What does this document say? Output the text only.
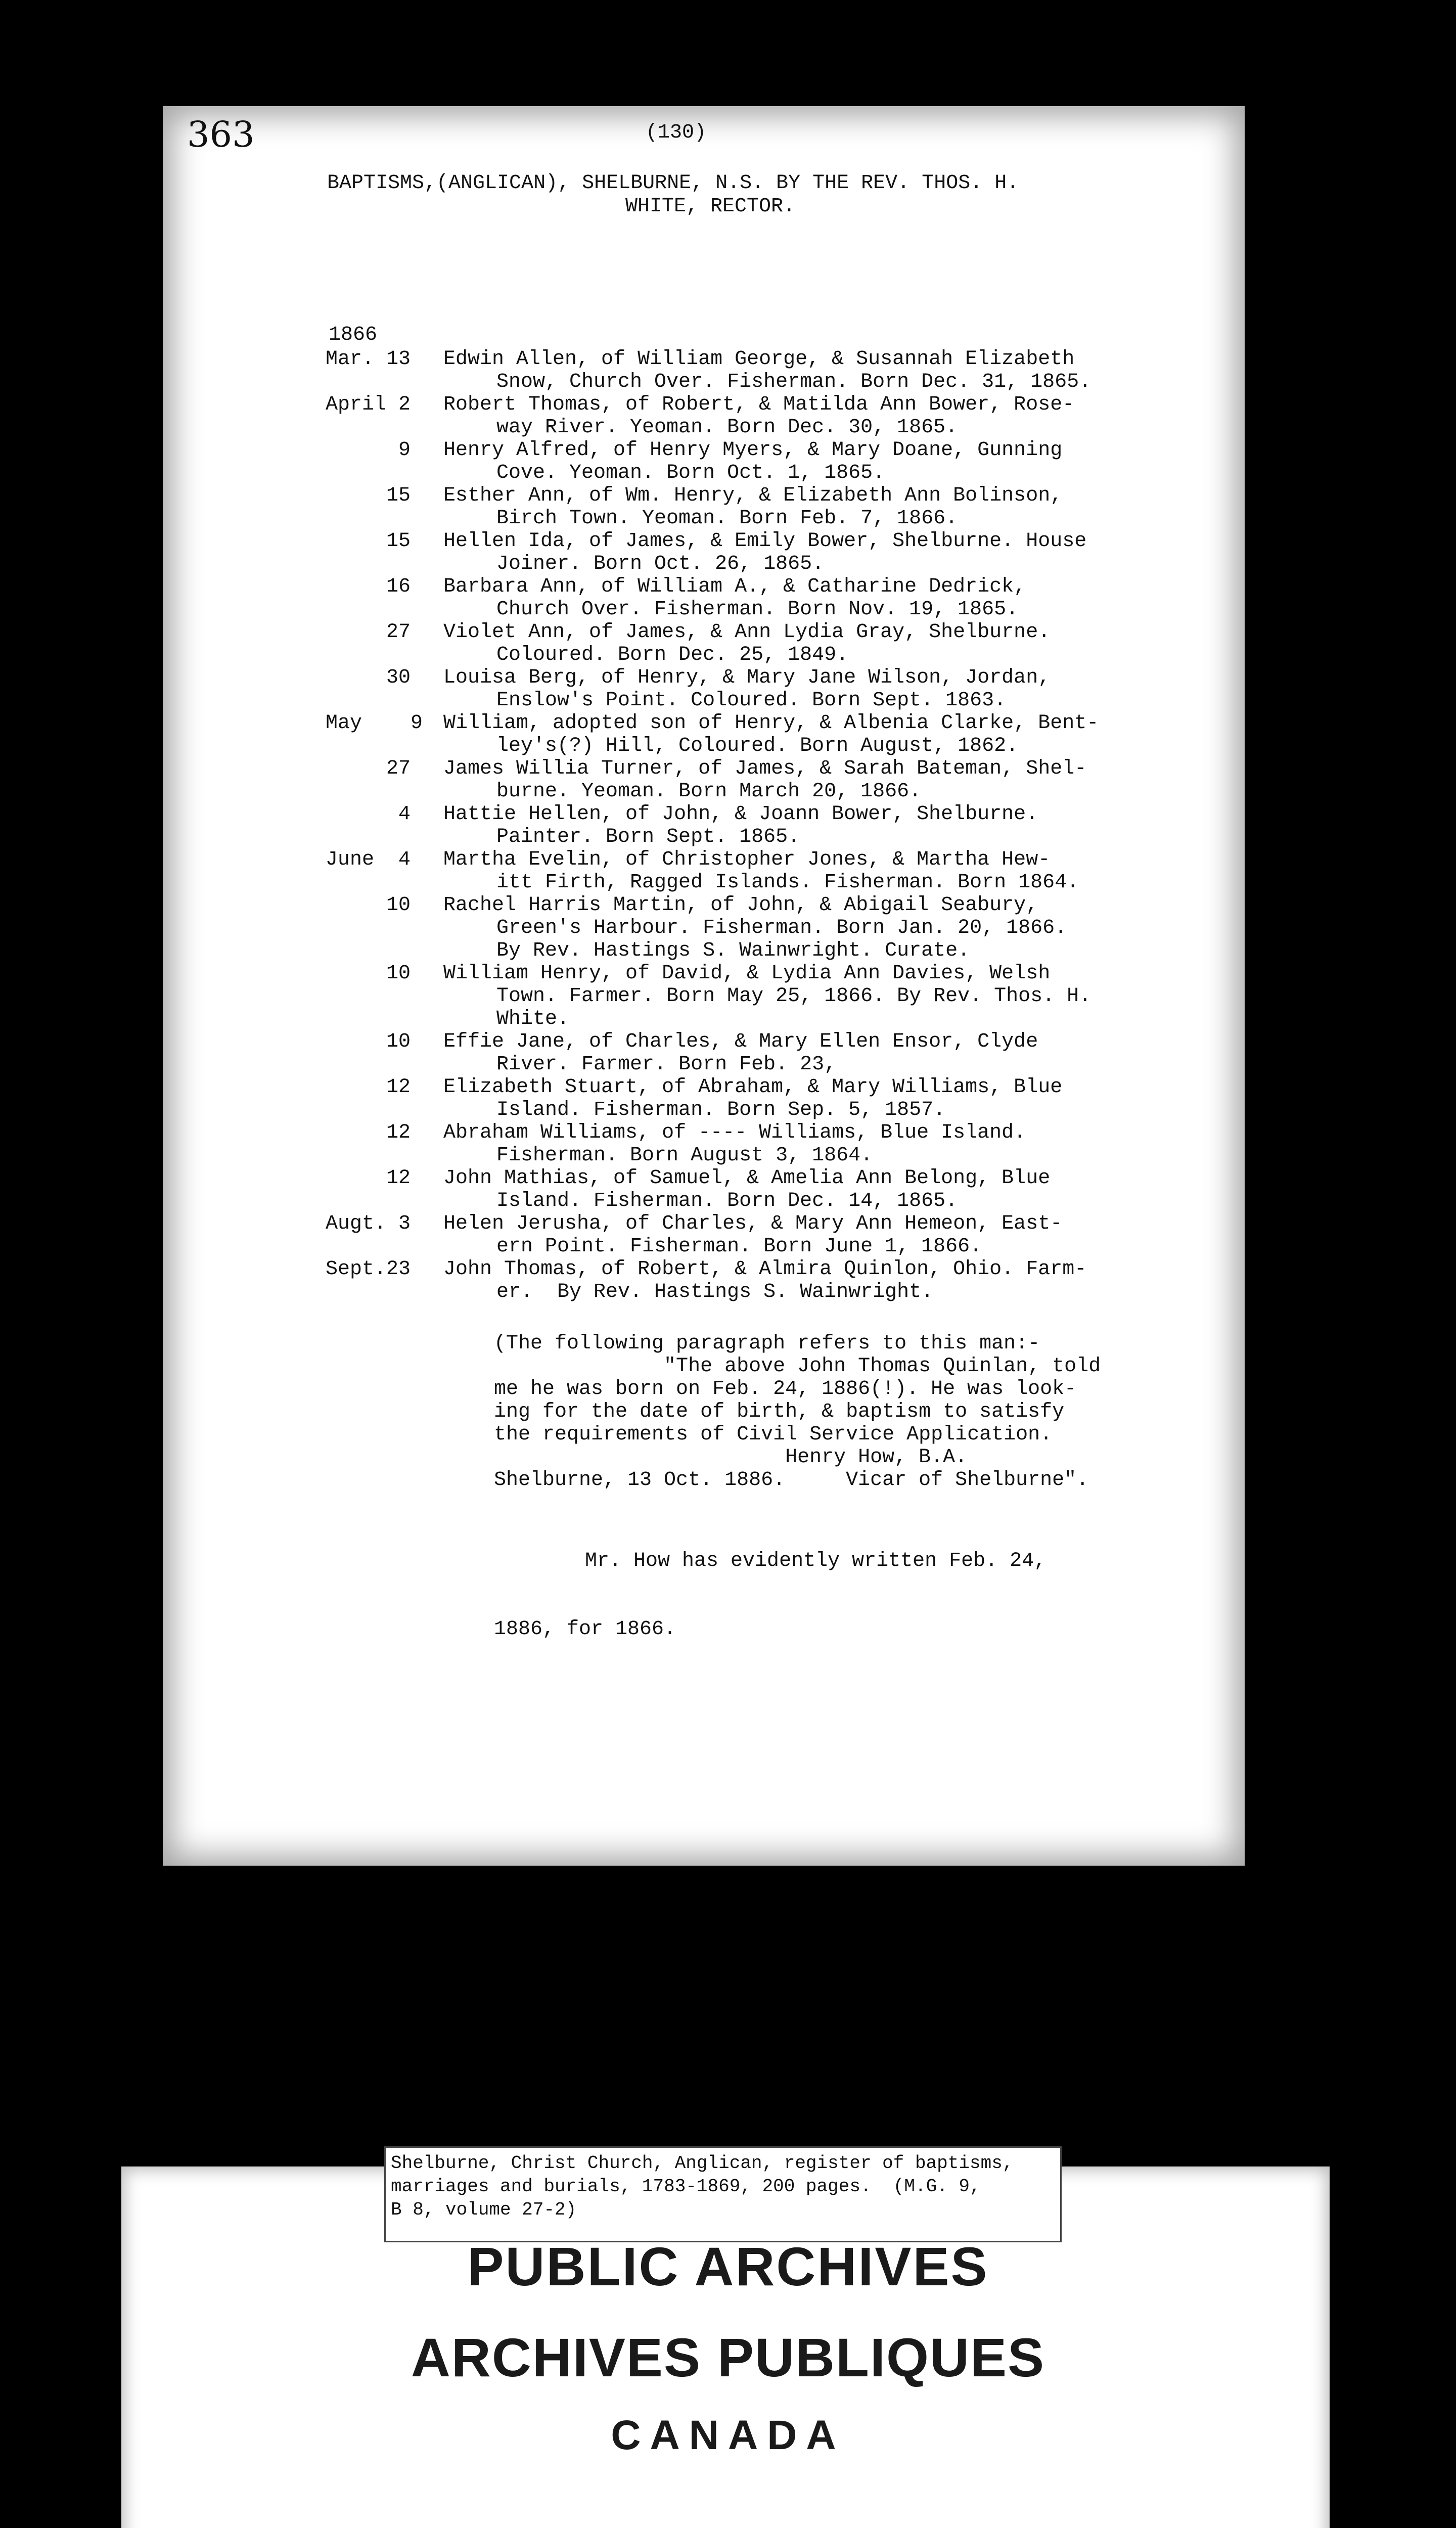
(130)
BAPTISMS,(ANGLICAN), SHELBURNE, N.S. BY THE REV. THOS. H.
WHITE, RECTOR.
1866
Mar. 13	Edwin Allen, of William George, & Susannah Elizabeth
Snow, Church Over. Fisherman. Born Dec. 31, 1865.
April 2	Robert Thomas, of Robert, & Matilda Ann Bower, Rose-
way River. Yeoman. Born Dec. 30, 1865.
9	Henry Alfred, of Henry Myers, & Mary Doane, Gunning
Cove. Yeoman. Born Oct. 1, 1865.
15	Esther Ann, of Wm. Henry, & Elizabeth Ann Bolinson,
Birch Town. Yeoman. Born Feb. 7, 1866.
15	Hellen Ida, of James, & Emily Bower, Shelburne. House
Joiner. Born Oct. 26, 1865.
16	Barbara Ann, of William A., & Catharine Dedrick,
Church Over. Fisherman. Born Nov. 19, 1865.
27	Violet Ann, of James, & Ann Lydia Gray, Shelburne.
Coloured. Born Dec. 25, 1849.
30	Louisa Berg, of Henry, & Mary Jane Wilson, Jordan,
Enslow's Point. Coloured. Born Sept. 1863.
May    9	William, adopted son of Henry, & Albenia Clarke, Bent-
ley's(?) Hill, Coloured. Born August, 1862.
27	James Willia Turner, of James, & Sarah Bateman, Shel-
burne. Yeoman. Born March 20, 1866.
4	Hattie Hellen, of John, & Joann Bower, Shelburne.
Painter. Born Sept. 1865.
June  4	Martha Evelin, of Christopher Jones, & Martha Hew-
itt Firth, Ragged Islands. Fisherman. Born 1864.
10	Rachel Harris Martin, of John, & Abigail Seabury,
Green's Harbour. Fisherman. Born Jan. 20, 1866.
By Rev. Hastings S. Wainwright. Curate.
10	William Henry, of David, & Lydia Ann Davies, Welsh
Town. Farmer. Born May 25, 1866. By Rev. Thos. H.
White.
10	Effie Jane, of Charles, & Mary Ellen Ensor, Clyde
River. Farmer. Born Feb. 23,
12	Elizabeth Stuart, of Abraham, & Mary Williams, Blue
Island. Fisherman. Born Sep. 5, 1857.
12	Abraham Williams, of ---- Williams, Blue Island.
Fisherman. Born August 3, 1864.
12	John Mathias, of Samuel, & Amelia Ann Belong, Blue
Island. Fisherman. Born Dec. 14, 1865.
Augt. 3	Helen Jerusha, of Charles, & Mary Ann Hemeon, East-
ern Point. Fisherman. Born June 1, 1866.
Sept.23	John Thomas, of Robert, & Almira Quinlon, Ohio. Farm-
er.  By Rev. Hastings S. Wainwright.
(The following paragraph refers to this man:-
"The above John Thomas Quinlan, told
me he was born on Feb. 24, 1886(!). He was look-
ing for the date of birth, & baptism to satisfy
the requirements of Civil Service Application.
Henry How, B.A.
Shelburne, 13 Oct. 1886.     Vicar of Shelburne".

Mr. How has evidently written Feb. 24,

1886, for 1866.

363
Shelburne, Christ Church, Anglican, register of baptisms,
marriages and burials, 1783-1869, 200 pages.  (M.G. 9,
B 8, volume 27-2)
PUBLIC ARCHIVES
ARCHIVES PUBLIQUES
CANADA
